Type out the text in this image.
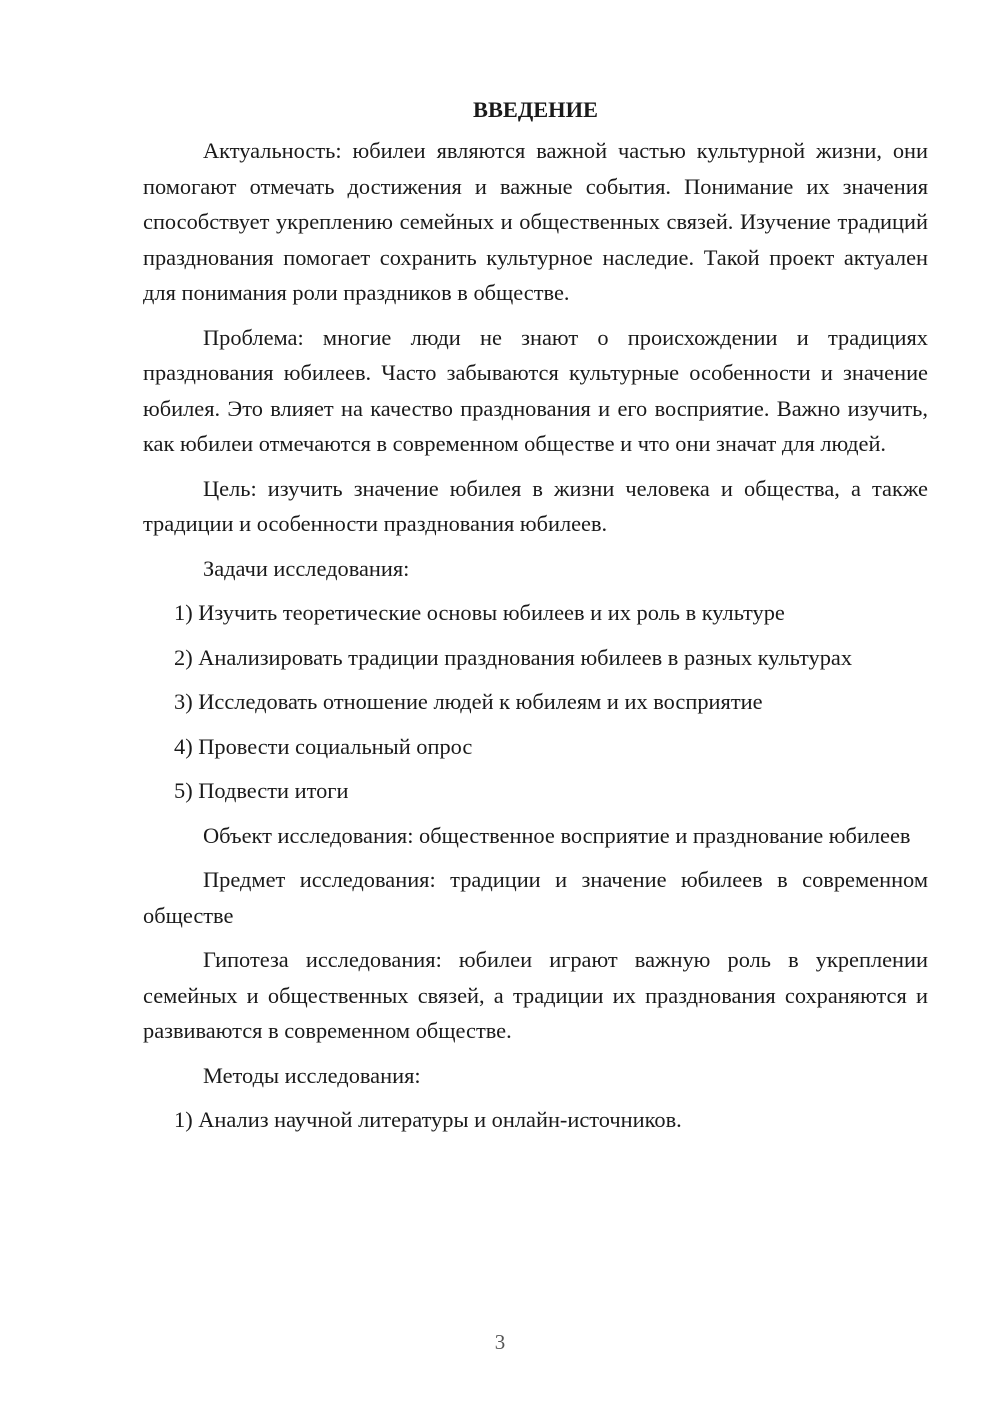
ВВЕДЕНИЕ

Актуальность: юбилеи являются важной частью культурной жизни, они помогают отмечать достижения и важные события. Понимание их значения способствует укреплению семейных и общественных связей. Изучение традиций празднования помогает сохранить культурное наследие. Такой проект актуален для понимания роли праздников в обществе.

Проблема: многие люди не знают о происхождении и традициях празднования юбилеев. Часто забываются культурные особенности и значение юбилея. Это влияет на качество празднования и его восприятие. Важно изучить, как юбилеи отмечаются в современном обществе и что они значат для людей.

Цель: изучить значение юбилея в жизни человека и общества, а также традиции и особенности празднования юбилеев.

Задачи исследования:

1) Изучить теоретические основы юбилеев и их роль в культуре

2) Анализировать традиции празднования юбилеев в разных культурах

3) Исследовать отношение людей к юбилеям и их восприятие

4) Провести социальный опрос

5) Подвести итоги

Объект исследования: общественное восприятие и празднование юбилеев

Предмет исследования: традиции и значение юбилеев в современном обществе

Гипотеза исследования: юбилеи играют важную роль в укреплении семейных и общественных связей, а традиции их празднования сохраняются и развиваются в современном обществе.

Методы исследования:

1) Анализ научной литературы и онлайн-источников.

3
